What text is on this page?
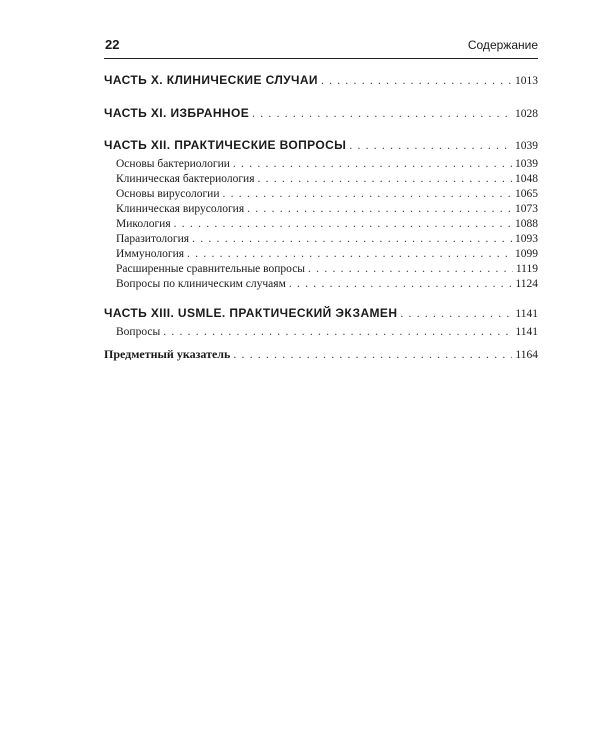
22	Содержание
ЧАСТЬ X. КЛИНИЧЕСКИЕ СЛУЧАИ . . .	1013
ЧАСТЬ XI. ИЗБРАННОЕ . . .	1028
ЧАСТЬ XII. ПРАКТИЧЕСКИЕ ВОПРОСЫ . . .	1039
Основы бактериологии . . .	1039
Клиническая бактериология . . .	1048
Основы вирусологии . . .	1065
Клиническая вирусология . . .	1073
Микология . . .	1088
Паразитология . . .	1093
Иммунология . . .	1099
Расширенные сравнительные вопросы . . .	1119
Вопросы по клиническим случаям . . .	1124
ЧАСТЬ XIII. USMLE. ПРАКТИЧЕСКИЙ ЭКЗАМЕН . . .	1141
Вопросы . . .	1141
Предметный указатель . . .	1164
